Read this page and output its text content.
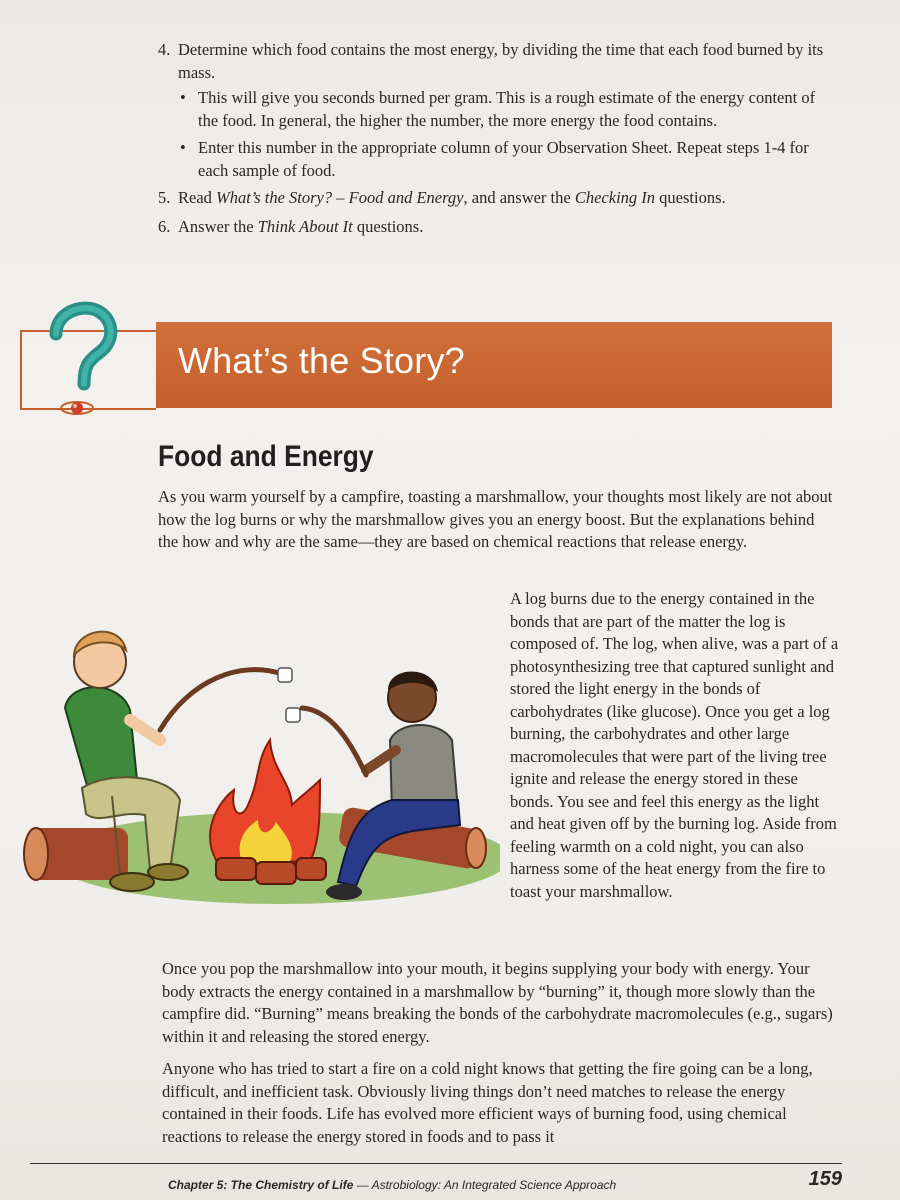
4. Determine which food contains the most energy, by dividing the time that each food burned by its mass.

• This will give you seconds burned per gram. This is a rough estimate of the energy content of the food. In general, the higher the number, the more energy the food contains.
• Enter this number in the appropriate column of your Observation Sheet. Repeat steps 1-4 for each sample of food.

5. Read What’s the Story? – Food and Energy, and answer the Checking In questions.

6. Answer the Think About It questions.

What’s the Story?
Food and Energy

As you warm yourself by a campfire, toasting a marshmallow, your thoughts most likely are not about how the log burns or why the marshmallow gives you an energy boost. But the explanations behind the how and why are the same—they are based on chemical reactions that release energy.

A log burns due to the energy contained in the bonds that are part of the matter the log is composed of. The log, when alive, was a part of a photosynthesizing tree that captured sunlight and stored the light energy in the bonds of carbohydrates (like glucose). Once you get a log burning, the carbohydrates and other large macromolecules that were part of the living tree ignite and release the energy stored in these bonds. You see and feel this energy as the light and heat given off by the burning log. Aside from feeling warmth on a cold night, you can also harness some of the heat energy from the fire to toast your marshmallow.

Once you pop the marshmallow into your mouth, it begins supplying your body with energy. Your body extracts the energy contained in a marshmallow by “burning” it, though more slowly than the campfire did. “Burning” means breaking the bonds of the carbohydrate macromolecules (e.g., sugars) within it and releasing the stored energy.

Anyone who has tried to start a fire on a cold night knows that getting the fire going can be a long, difficult, and inefficient task. Obviously living things don’t need matches to release the energy contained in their foods. Life has evolved more efficient ways of burning food, using chemical reactions to release the energy stored in foods and to pass it

Chapter 5: The Chemistry of Life — Astrobiology: An Integrated Science Approach	159
